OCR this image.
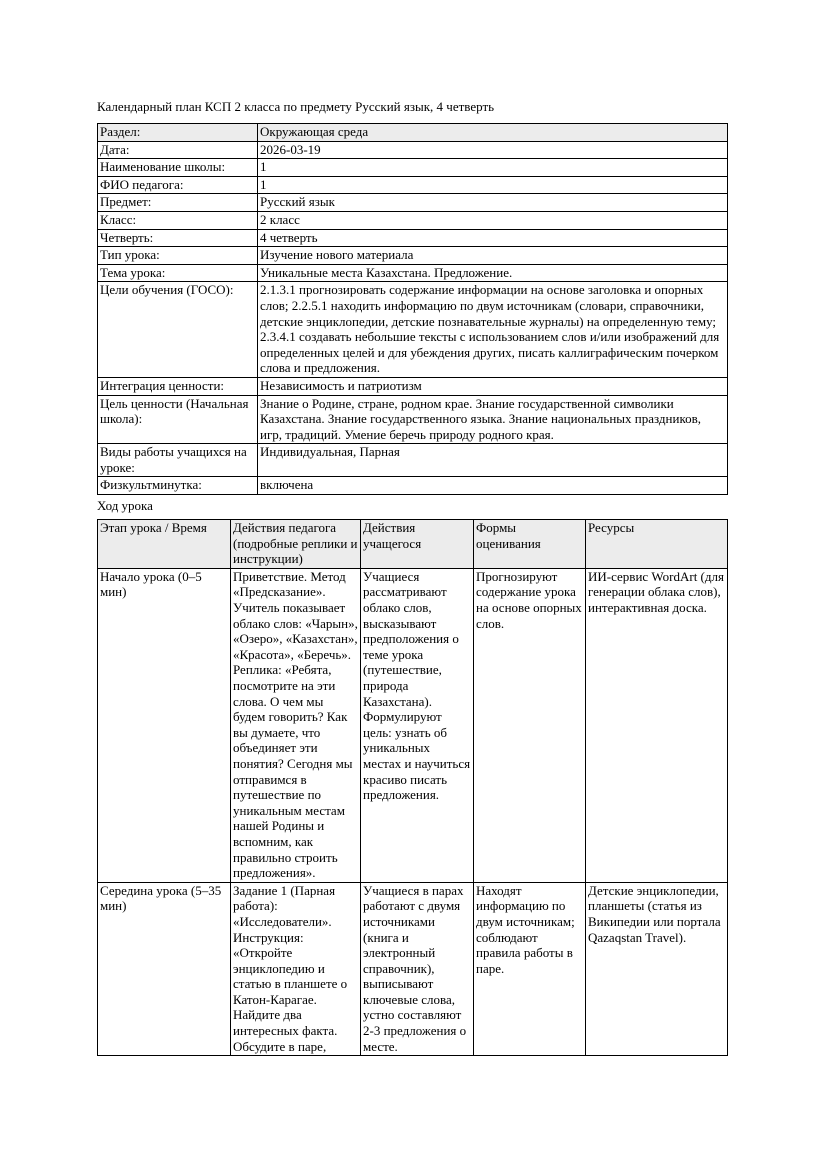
Календарный план КСП 2 класса по предмету Русский язык, 4 четверть

Раздел:	Окружающая среда
Дата:	2026-03-19
Наименование школы:	1
ФИО педагога:	1
Предмет:	Русский язык
Класс:	2 класс
Четверть:	4 четверть
Тип урока:	Изучение нового материала
Тема урока:	Уникальные места Казахстана. Предложение.
Цели обучения (ГОСО):	2.1.3.1 прогнозировать содержание информации на основе заголовка и опорных слов; 2.2.5.1 находить информацию по двум источникам (словари, справочники, детские энциклопедии, детские познавательные журналы) на определенную тему; 2.3.4.1 создавать небольшие тексты с использованием слов и/или изображений для определенных целей и для убеждения других, писать каллиграфическим почерком слова и предложения.
Интеграция ценности:	Независимость и патриотизм
Цель ценности (Начальная школа):	Знание о Родине, стране, родном крае. Знание государственной символики Казахстана. Знание государственного языка. Знание национальных праздников, игр, традиций. Умение беречь природу родного края.
Виды работы учащихся на уроке:	Индивидуальная, Парная
Физкультминутка:	включена

Ход урока

Этап урока / Время	Действия педагога (подробные реплики и инструкции)	Действия учащегося	Формы оценивания	Ресурсы
Начало урока (0–5 мин)	Приветствие. Метод «Предсказание». Учитель показывает облако слов: «Чарын», «Озеро», «Казахстан», «Красота», «Беречь». Реплика: «Ребята, посмотрите на эти слова. О чем мы будем говорить? Как вы думаете, что объединяет эти понятия? Сегодня мы отправимся в путешествие по уникальным местам нашей Родины и вспомним, как правильно строить предложения».	Учащиеся рассматривают облако слов, высказывают предположения о теме урока (путешествие, природа Казахстана). Формулируют цель: узнать об уникальных местах и научиться красиво писать предложения.	Прогнозируют содержание урока на основе опорных слов.	ИИ-сервис WordArt (для генерации облака слов), интерактивная доска.
Середина урока (5–35 мин)	Задание 1 (Парная работа): «Исследователи». Инструкция: «Откройте энциклопедию и статью в планшете о Катон-Карагае. Найдите два интересных факта. Обсудите в паре,	Учащиеся в парах работают с двумя источниками (книга и электронный справочник), выписывают ключевые слова, устно составляют 2-3 предложения о месте.	Находят информацию по двум источникам; соблюдают правила работы в паре.	Детские энциклопедии, планшеты (статья из Википедии или портала Qazaqstan Travel).
